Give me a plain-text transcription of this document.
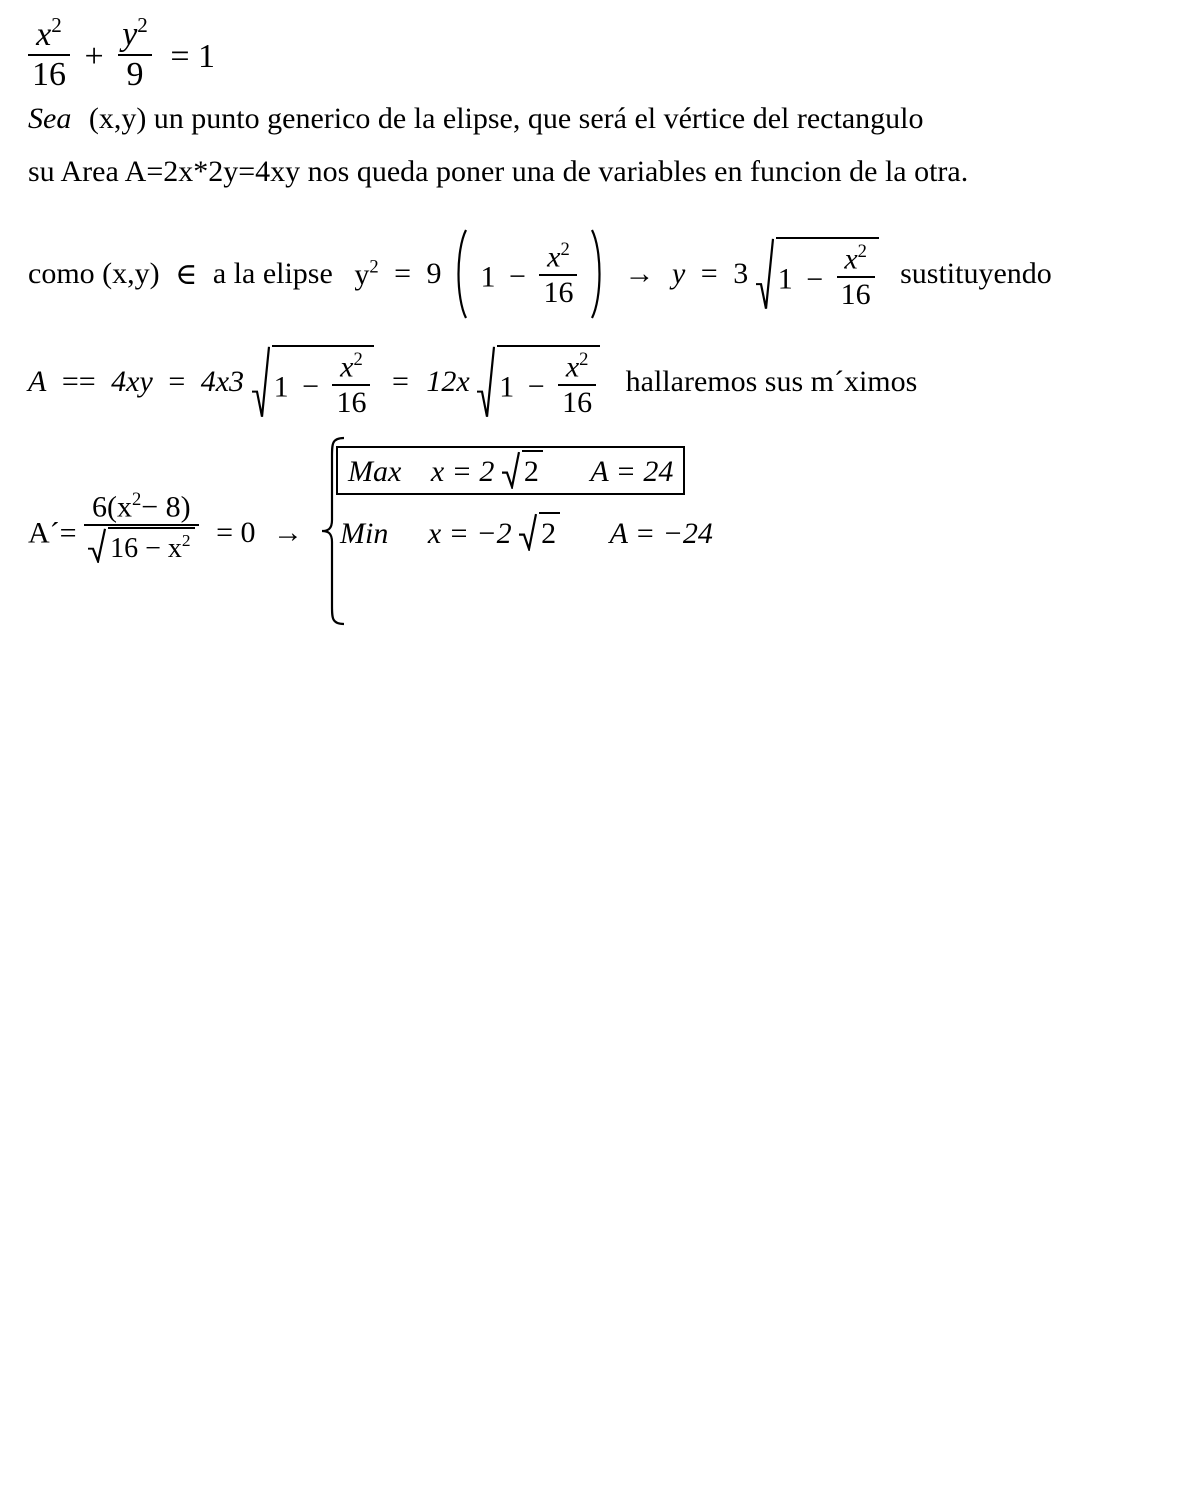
$\frac{x^2}{16} + \frac{y^2}{9} = 1$
Sea (x,y) un punto generico de la elipse, que será el vértice del rectangulo
su Area A=2x*2y=4xy nos queda poner una de variables en funcion de la otra.
como (x,y) ∈ a la elipse $y^2 = 9$ $1 - \frac{x^2}{16}$
→ y = 3 $1 - \frac{x^2}{16}$ sustituyendo
A == 4xy = 4x3 $1 - \frac{x^2}{16} = 12x$ $1 - \frac{x^2}{16}$ hallaremos sus m´ximos
A´= $\frac{6(x^2- 8)}{16 - x^2} = 0$ →
Max x = 2 2 A = 24
Min x = −2 2 A = −24
